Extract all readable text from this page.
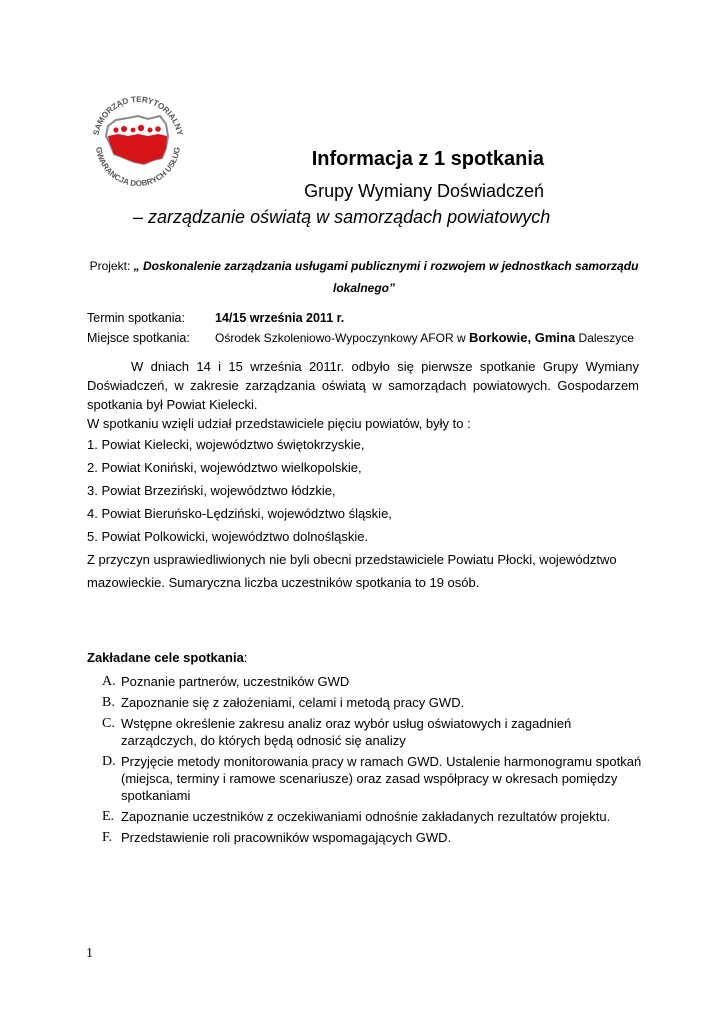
SAMORZĄD TERYTORIALNY
GWARANCJA DOBRYCH USŁUG	Informacja z 1 spotkania
Grupy Wymiany Doświadczeń
– zarządzanie oświatą w samorządach powiatowych
Projekt: „ Doskonalenie zarządzania usługami publicznymi i rozwojem w jednostkach samorządu lokalnego”
Termin spotkania: 14/15 września 2011 r.
Miejsce spotkania: Ośrodek Szkoleniowo-Wypoczynkowy AFOR w Borkowie, Gmina Daleszyce

W dniach 14 i 15 września 2011r. odbyło się pierwsze spotkanie Grupy Wymiany Doświadczeń, w zakresie zarządzania oświatą w samorządach powiatowych. Gospodarzem spotkania był Powiat Kielecki.

W spotkaniu wzięli udział przedstawiciele pięciu powiatów, były to :

1. Powiat Kielecki, województwo świętokrzyskie,

2. Powiat Koniński, województwo wielkopolskie,

3. Powiat Brzeziński, województwo łódzkie,

4. Powiat Bieruńsko-Lędziński, województwo śląskie,

5. Powiat Polkowicki, województwo dolnośląskie.

Z przyczyn usprawiedliwionych nie byli obecni przedstawiciele Powiatu Płocki, województwo mazowieckie. Sumaryczna liczba uczestników spotkania to 19 osób.

Zakładane cele spotkania:
A. Poznanie partnerów, uczestników GWD
B. Zapoznanie się z założeniami, celami i metodą pracy GWD.
C. Wstępne określenie zakresu analiz oraz wybór usług oświatowych i zagadnień zarządczych, do których będą odnosić się analizy
D. Przyjęcie metody monitorowania pracy w ramach GWD. Ustalenie harmonogramu spotkań (miejsca, terminy i ramowe scenariusze) oraz zasad współpracy w okresach pomiędzy spotkaniami
E. Zapoznanie uczestników z oczekiwaniami odnośnie zakładanych rezultatów projektu.
F. Przedstawienie roli pracowników wspomagających GWD.
1
